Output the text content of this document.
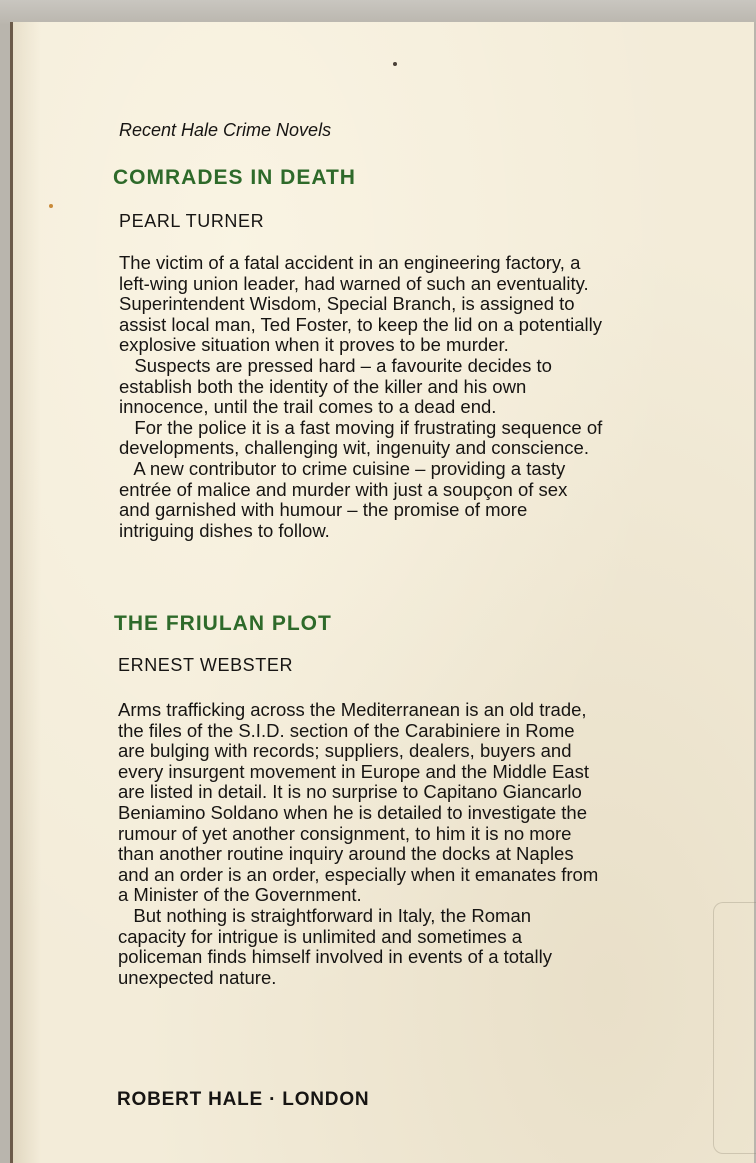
Recent Hale Crime Novels

COMRADES IN DEATH

PEARL TURNER

The victim of a fatal accident in an engineering factory, a
left-wing union leader, had warned of such an eventuality.
Superintendent Wisdom, Special Branch, is assigned to
assist local man, Ted Foster, to keep the lid on a potentially
explosive situation when it proves to be murder.
Suspects are pressed hard – a favourite decides to
establish both the identity of the killer and his own
innocence, until the trail comes to a dead end.
For the police it is a fast moving if frustrating sequence of
developments, challenging wit, ingenuity and conscience.
A new contributor to crime cuisine – providing a tasty
entrée of malice and murder with just a soupçon of sex
and garnished with humour – the promise of more
intriguing dishes to follow.

THE FRIULAN PLOT

ERNEST WEBSTER

Arms trafficking across the Mediterranean is an old trade,
the files of the S.I.D. section of the Carabiniere in Rome
are bulging with records; suppliers, dealers, buyers and
every insurgent movement in Europe and the Middle East
are listed in detail. It is no surprise to Capitano Giancarlo
Beniamino Soldano when he is detailed to investigate the
rumour of yet another consignment, to him it is no more
than another routine inquiry around the docks at Naples
and an order is an order, especially when it emanates from
a Minister of the Government.
But nothing is straightforward in Italy, the Roman
capacity for intrigue is unlimited and sometimes a
policeman finds himself involved in events of a totally
unexpected nature.

ROBERT HALE · LONDON
